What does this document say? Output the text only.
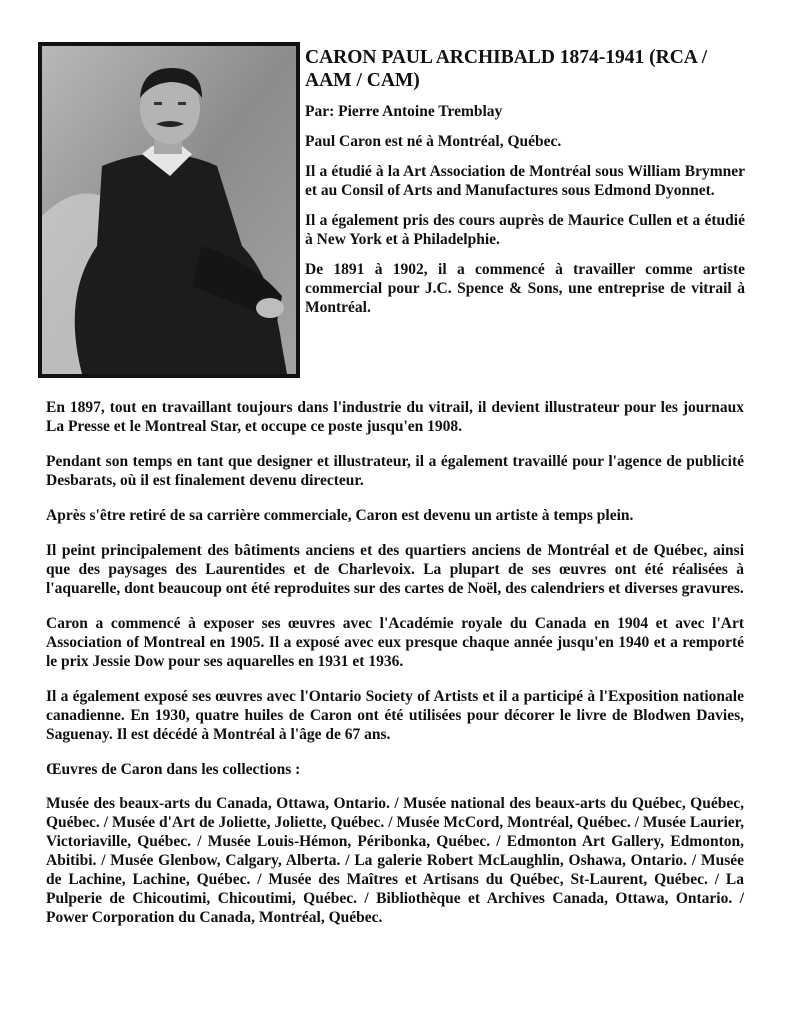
CARON PAUL ARCHIBALD 1874-1941 (RCA / AAM / CAM)

Par: Pierre Antoine Tremblay

Paul Caron est né à Montréal, Québec.

Il a étudié à la Art Association de Montréal sous William Brymner et au Consil of Arts and Manufactures sous Edmond Dyonnet.

Il a également pris des cours auprès de Maurice Cullen et a étudié à New York et à Philadelphie.

De 1891 à 1902, il a commencé à travailler comme artiste commercial pour J.C. Spence & Sons, une entreprise de vitrail à Montréal.

En 1897, tout en travaillant toujours dans l'industrie du vitrail, il devient illustrateur pour les journaux La Presse et le Montreal Star, et occupe ce poste jusqu'en 1908.

Pendant son temps en tant que designer et illustrateur, il a également travaillé pour l'agence de publicité Desbarats, où il est finalement devenu directeur.

Après s'être retiré de sa carrière commerciale, Caron est devenu un artiste à temps plein.

Il peint principalement des bâtiments anciens et des quartiers anciens de Montréal et de Québec, ainsi que des paysages des Laurentides et de Charlevoix. La plupart de ses œuvres ont été réalisées à l'aquarelle, dont beaucoup ont été reproduites sur des cartes de Noël, des calendriers et diverses gravures.

Caron a commencé à exposer ses œuvres avec l'Académie royale du Canada en 1904 et avec l'Art Association of Montreal en 1905. Il a exposé avec eux presque chaque année jusqu'en 1940 et a remporté le prix Jessie Dow pour ses aquarelles en 1931 et 1936.

Il a également exposé ses œuvres avec l'Ontario Society of Artists et il a participé à l'Exposition nationale canadienne. En 1930, quatre huiles de Caron ont été utilisées pour décorer le livre de Blodwen Davies, Saguenay. Il est décédé à Montréal à l'âge de 67 ans.

Œuvres de Caron dans les collections :

Musée des beaux-arts du Canada, Ottawa, Ontario. / Musée national des beaux-arts du Québec, Québec, Québec. / Musée d'Art de Joliette, Joliette, Québec. / Musée McCord, Montréal, Québec. / Musée Laurier, Victoriaville, Québec. / Musée Louis-Hémon, Péribonka, Québec. / Edmonton Art Gallery, Edmonton, Abitibi. / Musée Glenbow, Calgary, Alberta. / La galerie Robert McLaughlin, Oshawa, Ontario. / Musée de Lachine, Lachine, Québec. / Musée des Maîtres et Artisans du Québec, St-Laurent, Québec. / La Pulperie de Chicoutimi, Chicoutimi, Québec. / Bibliothèque et Archives Canada, Ottawa, Ontario. / Power Corporation du Canada, Montréal, Québec.
